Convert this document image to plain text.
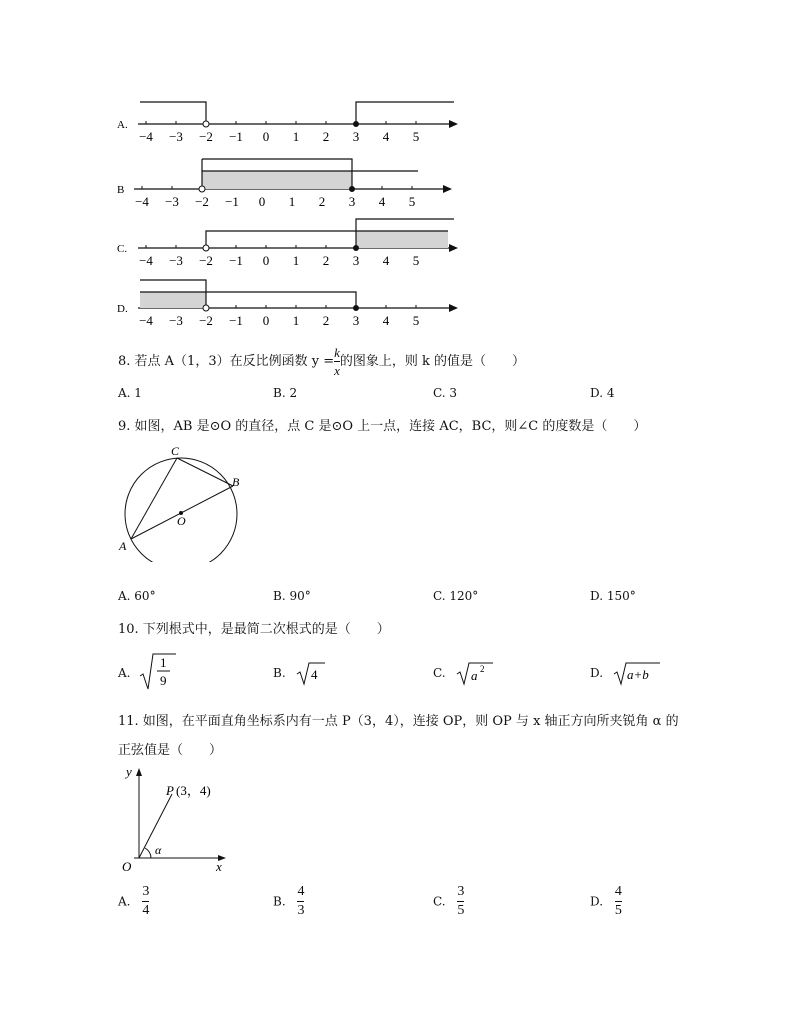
A.
−4 −3 −2 −1 0 1 2 3 4 5
B
−4 −3 −2 −1 0 1 2 3 4 5
C.
−4 −3 −2 −1 0 1 2 3 4 5
D.
−4 −3 −2 −1 0 1 2 3 4 5
8. 若点 A（1，3）在反比例函数 $y = \frac{k}{x}$ 的图象上，则 k 的值是（　　）
A. 1	B. 2	C. 3	D. 4
9. 如图，AB 是⊙O 的直径，点 C 是⊙O 上一点，连接 AC，BC，则∠C 的度数是（　　）
C
B
O
A
A. 60°	B. 90°	C. 120°	D. 150°
10. 下列根式中，是最简二次根式的是（　　）
A.
1
9	B. 4	C. a 2	D. a+b
11. 如图，在平面直角坐标系内有一点 P（3，4），连接 OP，则 OP 与 x 轴正方向所夹锐角 α 的
正弦值是（　　）
y
x
O
P (3，4)
α
A. $\frac{3}{4}$	B. $\frac{4}{3}$	C. $\frac{3}{5}$	D. $\frac{4}{5}$
